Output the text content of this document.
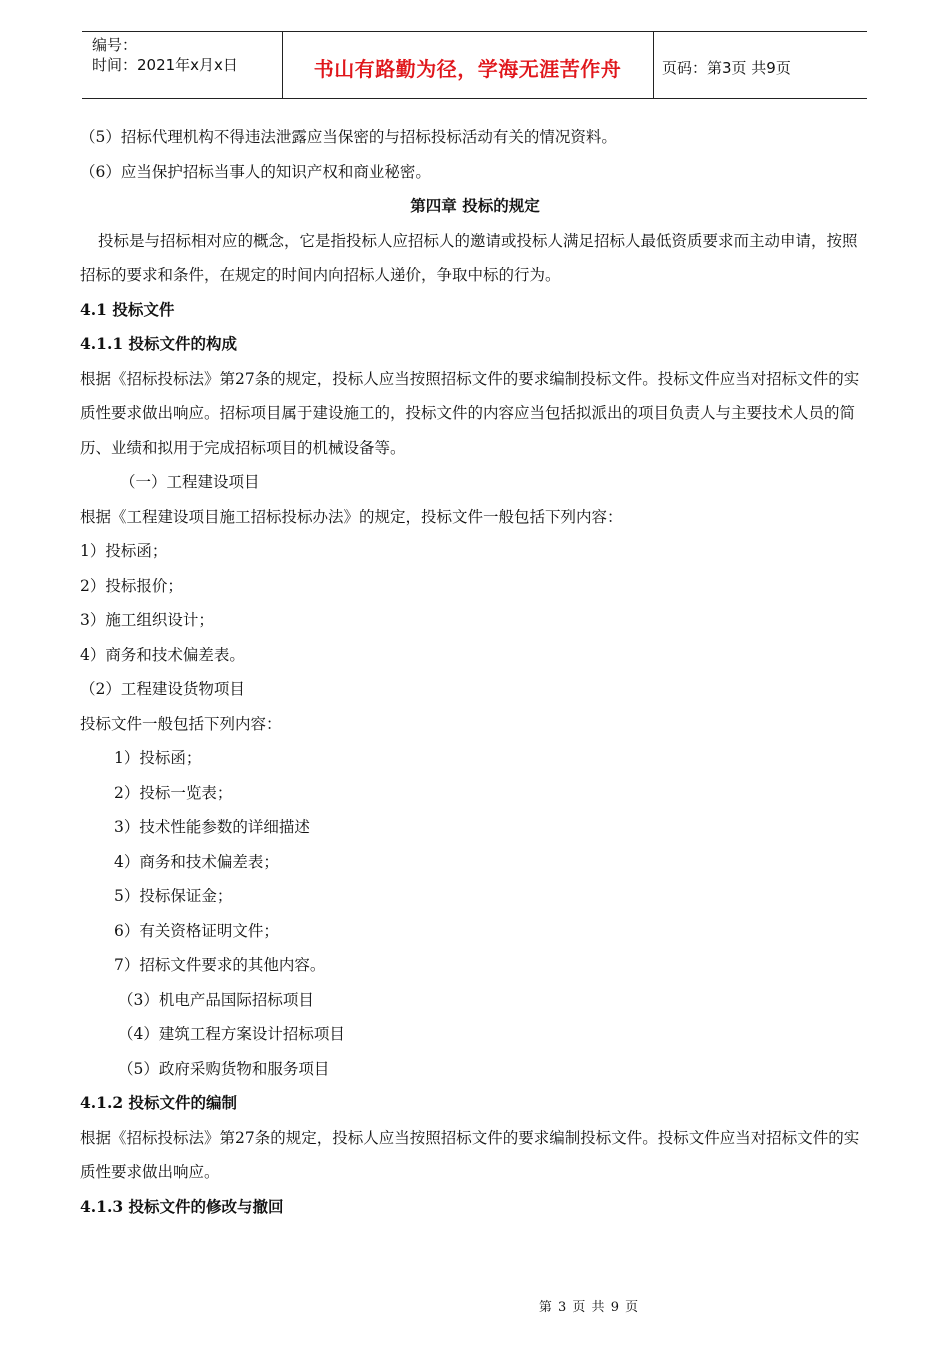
编号：
时间：2021年x月x日	书山有路勤为径，学海无涯苦作舟	页码：第3页 共9页
（5）招标代理机构不得违法泄露应当保密的与招标投标活动有关的情况资料。
（6）应当保护招标当事人的知识产权和商业秘密。
第四章 投标的规定
投标是与招标相对应的概念，它是指投标人应招标人的邀请或投标人满足招标人最低资质要求而主动申请，按照招标的要求和条件，在规定的时间内向招标人递价，争取中标的行为。
4.1 投标文件
4.1.1 投标文件的构成
根据《招标投标法》第27条的规定，投标人应当按照招标文件的要求编制投标文件。投标文件应当对招标文件的实质性要求做出响应。招标项目属于建设施工的，投标文件的内容应当包括拟派出的项目负责人与主要技术人员的简历、业绩和拟用于完成招标项目的机械设备等。
（一）工程建设项目
根据《工程建设项目施工招标投标办法》的规定，投标文件一般包括下列内容：
1）投标函；
2）投标报价；
3）施工组织设计；
4）商务和技术偏差表。
（2）工程建设货物项目
投标文件一般包括下列内容：
1）投标函；
2）投标一览表；
3）技术性能参数的详细描述
4）商务和技术偏差表；
5）投标保证金；
6）有关资格证明文件；
7）招标文件要求的其他内容。
（3）机电产品国际招标项目
（4）建筑工程方案设计招标项目
（5）政府采购货物和服务项目
4.1.2 投标文件的编制
根据《招标投标法》第27条的规定，投标人应当按照招标文件的要求编制投标文件。投标文件应当对招标文件的实质性要求做出响应。
4.1.3 投标文件的修改与撤回
第 3 页 共 9 页
